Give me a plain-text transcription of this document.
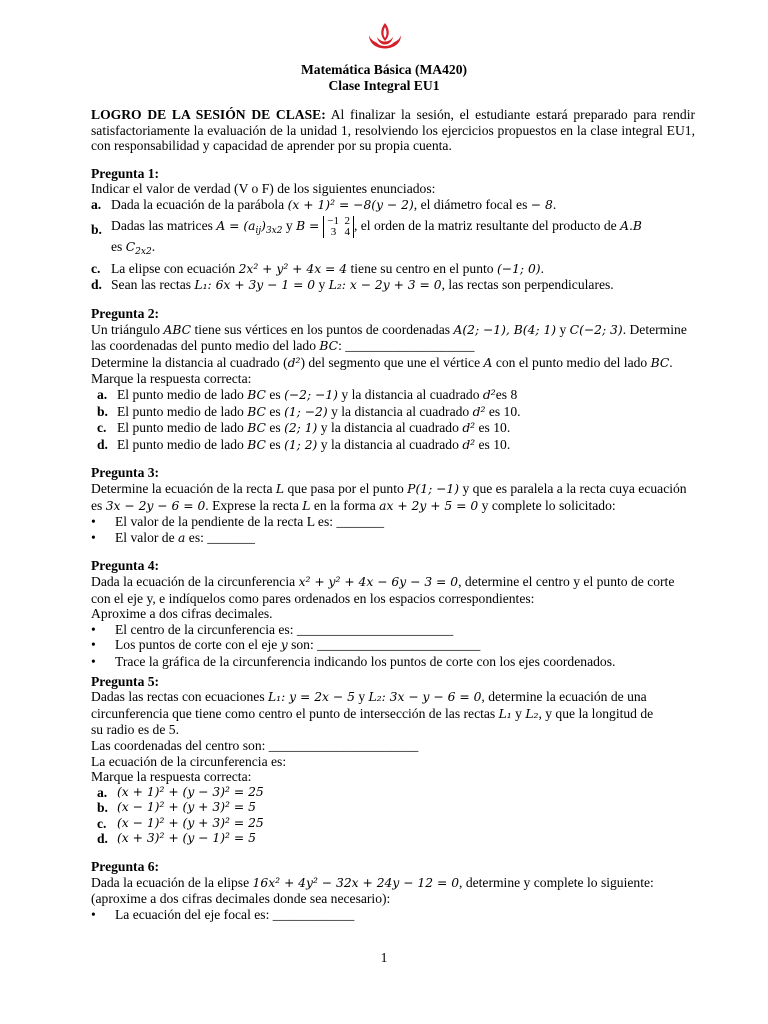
Matemática Básica (MA420)
Clase Integral EU1

LOGRO DE LA SESIÓN DE CLASE: Al finalizar la sesión, el estudiante estará preparado para rendir satisfactoriamente la evaluación de la unidad 1, resolviendo los ejercicios propuestos en la clase integral EU1, con responsabilidad y capacidad de aprender por su propia cuenta.

Pregunta 1:
Indicar el valor de verdad (V o F) de los siguientes enunciados:
a. Dada la ecuación de la parábola (x + 1)² = −8(y − 2), el diámetro focal es − 8.
b. Dadas las matrices $A = (a_{ij})_{3x2}$ y B = −1 2
3 4 , el orden de la matriz resultante del producto de A.B
es $C_{2x2}$.
c. La elipse con ecuación 2x² + y² + 4x = 4 tiene su centro en el punto (−1; 0).
d. Sean las rectas L₁: 6x + 3y − 1 = 0 y L₂: x − 2y + 3 = 0, las rectas son perpendiculares.
Pregunta 2:
Un triángulo ABC tiene sus vértices en los puntos de coordenadas A(2; −1), B(4; 1) y C(−2; 3). Determine
las coordenadas del punto medio del lado BC: ___________________
Determine la distancia al cuadrado (d²) del segmento que une el vértice A con el punto medio del lado BC.
Marque la respuesta correcta:
a. El punto medio de lado BC es (−2; −1) y la distancia al cuadrado d²es 8
b. El punto medio de lado BC es (1; −2) y la distancia al cuadrado d² es 10.
c. El punto medio de lado BC es (2; 1) y la distancia al cuadrado d² es 10.
d. El punto medio de lado BC es (1; 2) y la distancia al cuadrado d² es 10.
Pregunta 3:
Determine la ecuación de la recta L que pasa por el punto P(1; −1) y que es paralela a la recta cuya ecuación
es 3x − 2y − 6 = 0. Exprese la recta L en la forma ax + 2y + 5 = 0 y complete lo solicitado:
•	El valor de la pendiente de la recta L es: _______
•	El valor de a es: _______
Pregunta 4:
Dada la ecuación de la circunferencia x² + y² + 4x − 6y − 3 = 0, determine el centro y el punto de corte
con el eje y, e indíquelos como pares ordenados en los espacios correspondientes:
Aproxime a dos cifras decimales.
•	El centro de la circunferencia es: _______________________
•	Los puntos de corte con el eje y son: ________________________
•	Trace la gráfica de la circunferencia indicando los puntos de corte con los ejes coordenados.
Pregunta 5:
Dadas las rectas con ecuaciones L₁: y = 2x − 5 y L₂: 3x − y − 6 = 0, determine la ecuación de una
circunferencia que tiene como centro el punto de intersección de las rectas L₁ y L₂, y que la longitud de
su radio es de 5.
Las coordenadas del centro son: ______________________
La ecuación de la circunferencia es:
Marque la respuesta correcta:
a. (x + 1)² + (y − 3)² = 25
b. (x − 1)² + (y + 3)² = 5
c. (x − 1)² + (y + 3)² = 25
d. (x + 3)² + (y − 1)² = 5
Pregunta 6:
Dada la ecuación de la elipse 16x² + 4y² − 32x + 24y − 12 = 0, determine y complete lo siguiente:
(aproxime a dos cifras decimales donde sea necesario):
•	La ecuación del eje focal es: ____________
1
